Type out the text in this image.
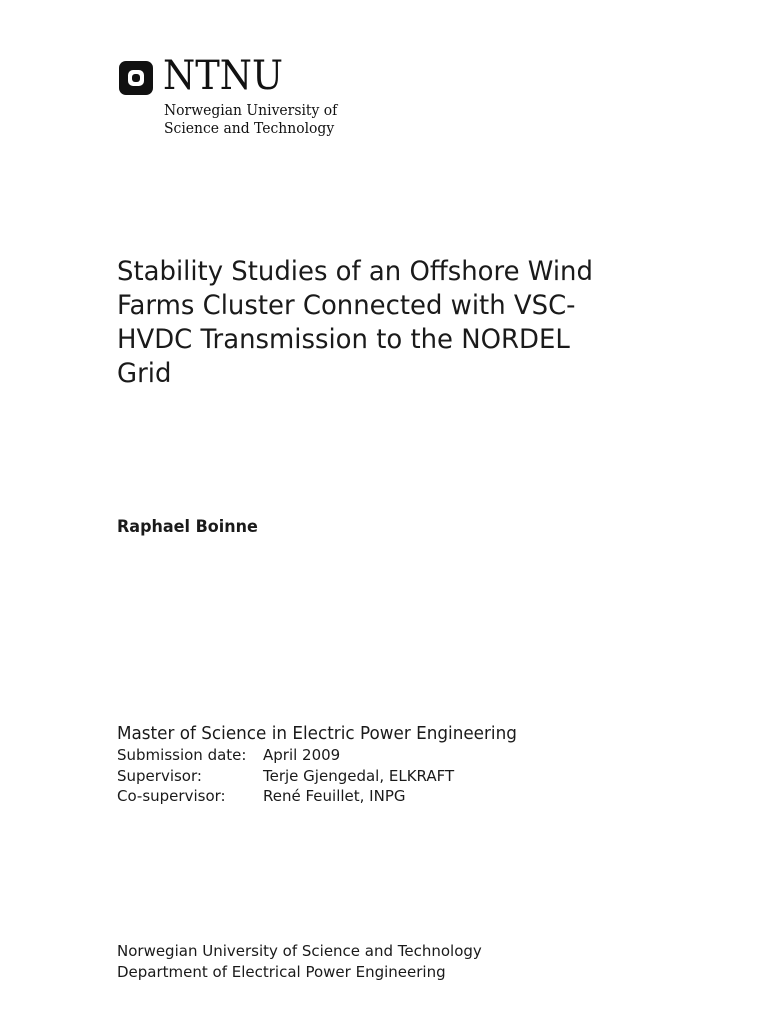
NTNU
Norwegian University of
Science and Technology
Stability Studies of an Offshore Wind
Farms Cluster Connected with VSC-
HVDC Transmission to the NORDEL
Grid
Raphael Boinne
Master of Science in Electric Power Engineering
Submission date:	April 2009
Supervisor:	Terje Gjengedal, ELKRAFT
Co-supervisor:	René Feuillet, INPG
Norwegian University of Science and Technology
Department of Electrical Power Engineering
